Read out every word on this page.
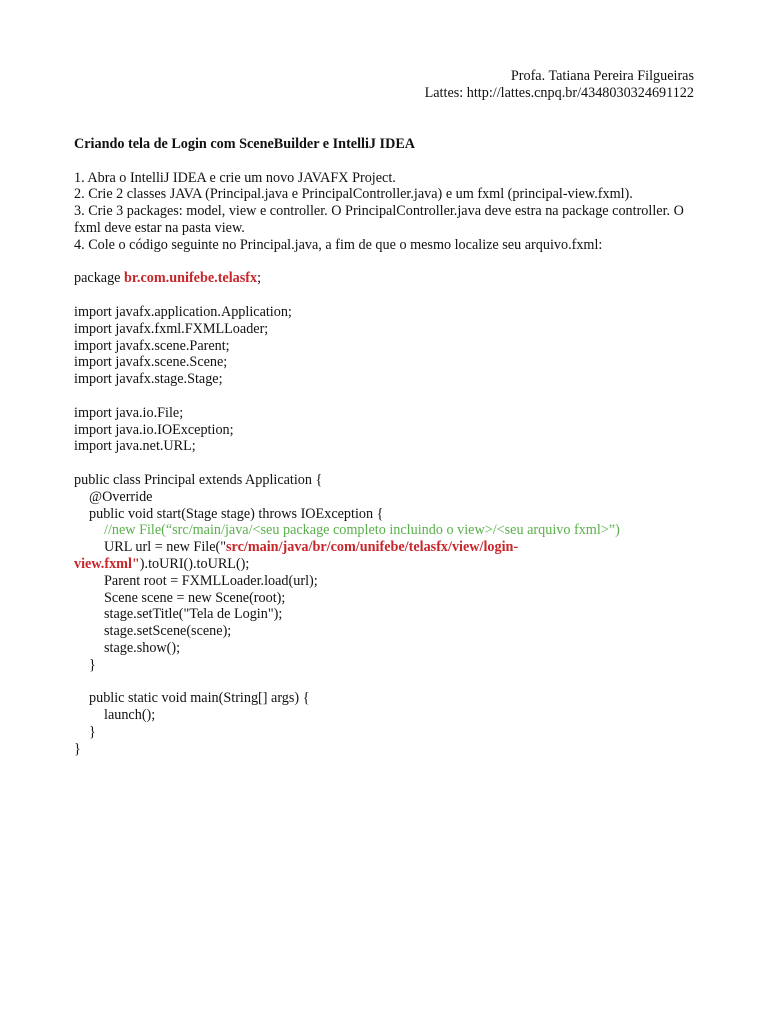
Profa. Tatiana Pereira Filgueiras
Lattes: http://lattes.cnpq.br/4348030324691122
Criando tela de Login com SceneBuilder e IntelliJ IDEA
1. Abra o IntelliJ IDEA e crie um novo JAVAFX Project.
2. Crie 2 classes JAVA (Principal.java e PrincipalController.java) e um fxml (principal-view.fxml).
3. Crie 3 packages: model, view e controller. O PrincipalController.java deve estra na package controller. O fxml deve estar na pasta view.
4. Cole o código seguinte no Principal.java, a fim de que o mesmo localize seu arquivo.fxml:
package br.com.unifebe.telasfx;
import javafx.application.Application;
import javafx.fxml.FXMLLoader;
import javafx.scene.Parent;
import javafx.scene.Scene;
import javafx.stage.Stage;
import java.io.File;
import java.io.IOException;
import java.net.URL;
public class Principal extends Application {
@Override
public void start(Stage stage) throws IOException {
//new File(“src/main/java/<seu package completo incluindo o view>/<seu arquivo fxml>”)
URL url = new File("src/main/java/br/com/unifebe/telasfx/view/login-
view.fxml").toURI().toURL();
Parent root = FXMLLoader.load(url);
Scene scene = new Scene(root);
stage.setTitle("Tela de Login");
stage.setScene(scene);
stage.show();
}
public static void main(String[] args) {
launch();
}
}
